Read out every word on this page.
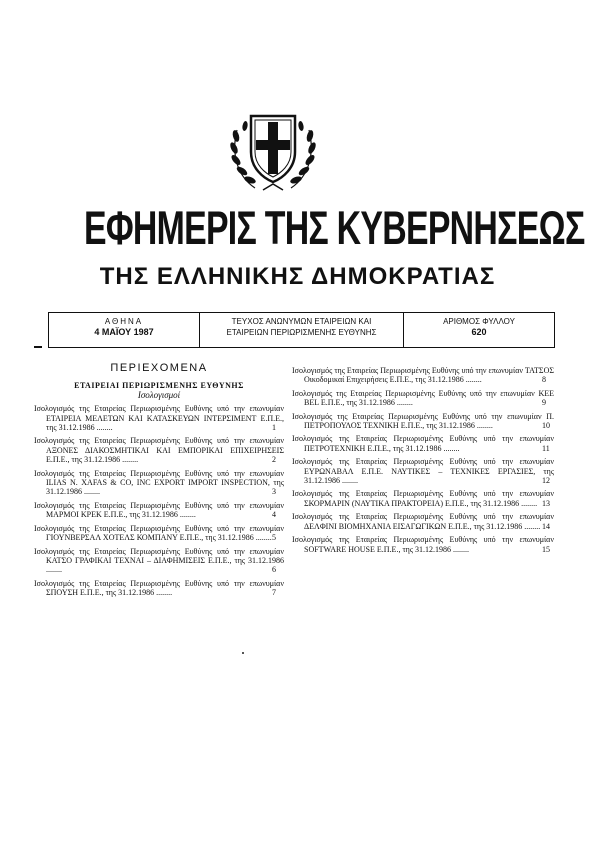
ΕΦΗΜΕΡΙΣ ΤΗΣ ΚΥΒΕΡΝΗΣΕΩΣ
ΤΗΣ ΕΛΛΗΝΙΚΗΣ ΔΗΜΟΚΡΑΤΙΑΣ
ΑΘΗΝΑ
4 ΜΑΪΟΥ 1987
ΤΕΥΧΟΣ ΑΝΩΝΥΜΩΝ ΕΤΑΙΡΕΙΩΝ ΚΑΙ
ΕΤΑΙΡΕΙΩΝ ΠΕΡΙΩΡΙΣΜΕΝΗΣ ΕΥΘΥΝΗΣ
ΑΡΙΘΜΟΣ ΦΥΛΛΟΥ
620
ΠΕΡΙΕΧΟΜΕΝΑ
ΕΤΑΙΡΕΙΑΙ ΠΕΡΙΩΡΙΣΜΕΝΗΣ ΕΥΘΥΝΗΣ
Ισολογισμοί
Ισολογισμός της Εταιρείας Περιωρισμένης Ευθύνης υπό την επωνυμίαν ΕΤΑΙΡΕΙΑ ΜΕΛΕΤΩΝ ΚΑΙ ΚΑΤΑΣΚΕΥΩΝ ΙΝΤΕΡΣΙΜΕΝΤ Ε.Π.Ε., της 31.12.1986 ........	1
Ισολογισμός της Εταιρείας Περιωρισμένης Ευθύνης υπό την επωνυμίαν ΑΞΟΝΕΣ ΔΙΑΚΟΣΜΗΤΙΚΑΙ ΚΑΙ ΕΜΠΟΡΙΚΑΙ ΕΠΙΧΕΙΡΗΣΕΙΣ Ε.Π.Ε., της 31.12.1986 ........	2
Ισολογισμός της Εταιρείας Περιωρισμένης Ευθύνης υπό την επωνυμίαν ILIAS N. XAFAS & CO, INC EXPORT IMPORT INSPECTION, της 31.12.1986 ........	3
Ισολογισμός της Εταιρείας Περιωρισμένης Ευθύνης υπό την επωνυμίαν ΜΑΡΜΟΙ ΚΡΕΚ Ε.Π.Ε., της 31.12.1986 ........	4
Ισολογισμός της Εταιρείας Περιωρισμένης Ευθύνης υπό την επωνυμίαν ΓΙΟΥΝΒΕΡΣΑΛ ΧΟΤΕΛΣ ΚΟΜΠΑΝΥ Ε.Π.Ε., της 31.12.1986 ........ 5
Ισολογισμός της Εταιρείας Περιωρισμένης Ευθύνης υπό την επωνυμίαν ΚΑΤΣΟ ΓΡΑΦΙΚΑΙ ΤΕΧΝΑΙ – ΔΙΑΦΗΜΙΣΕΙΣ Ε.Π.Ε., της 31.12.1986 ........	6
Ισολογισμός της Εταιρείας Περιωρισμένης Ευθύνης υπό την επωνυμίαν ΣΠΟΥΣΗ Ε.Π.Ε., της 31.12.1986 ........	7
Ισολογισμός της Εταιρείας Περιωρισμένης Ευθύνης υπό την επωνυμίαν ΤΑΤΣΟΣ Οικοδομικαί Επιχειρήσεις Ε.Π.Ε., της 31.12.1986 ........	8
Ισολογισμός της Εταιρείας Περιωρισμένης Ευθύνης υπό την επωνυμίαν KEE BEL Ε.Π.Ε., της 31.12.1986 ........	9
Ισολογισμός της Εταιρείας Περιωρισμένης Ευθύνης υπό την επωνυμίαν Π. ΠΕΤΡΟΠΟΥΛΟΣ ΤΕΧΝΙΚΗ Ε.Π.Ε., της 31.12.1986 ........	10
Ισολογισμός της Εταιρείας Περιωρισμένης Ευθύνης υπό την επωνυμίαν ΠΕΤΡΟΤΕΧΝΙΚΗ Ε.Π.Ε., της 31.12.1986 ........	11
Ισολογισμός της Εταιρείας Περιωρισμένης Ευθύνης υπό την επωνυμίαν ΕΥΡΩΝΑΒΑΛ Ε.Π.Ε. ΝΑΥΤΙΚΕΣ – ΤΕΧΝΙΚΕΣ ΕΡΓΑΣΙΕΣ, της 31.12.1986 ........	12
Ισολογισμός της Εταιρείας Περιωρισμένης Ευθύνης υπό την επωνυμίαν ΣΚΟΡΜΑΡΙΝ (ΝΑΥΤΙΚΑ ΠΡΑΚΤΟΡΕΙΑ) Ε.Π.Ε., της 31.12.1986 ........ 13
Ισολογισμός της Εταιρείας Περιωρισμένης Ευθύνης υπό την επωνυμίαν ΔΕΛΦΙΝΙ ΒΙΟΜΗΧΑΝΙΑ ΕΙΣΑΓΩΓΙΚΩΝ Ε.Π.Ε., της 31.12.1986 ........ 14
Ισολογισμός της Εταιρείας Περιωρισμένης Ευθύνης υπό την επωνυμίαν SOFTWARE HOUSE Ε.Π.Ε., της 31.12.1986 ........	15
